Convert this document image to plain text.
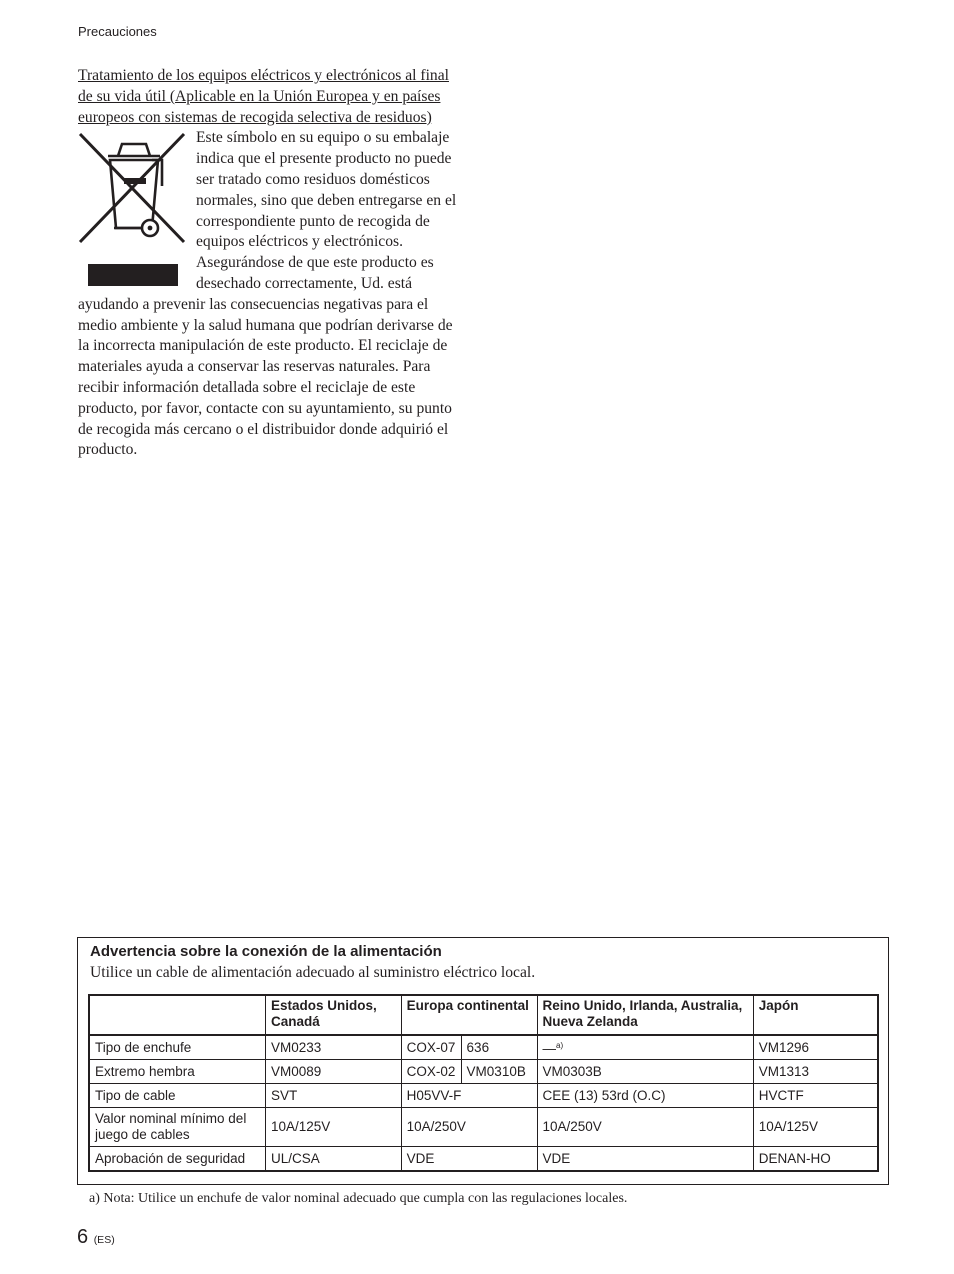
Precauciones

Tratamiento de los equipos eléctricos y electrónicos al final de su vida útil (Aplicable en la Unión Europea y en países europeos con sistemas de recogida selectiva de residuos)

Este símbolo en su equipo o su embalaje indica que el presente producto no puede ser tratado como residuos domésticos normales, sino que deben entregarse en el correspondiente punto de recogida de equipos eléctricos y electrónicos. Asegurándose de que este producto es desechado correctamente, Ud. está ayudando a prevenir las consecuencias negativas para el medio ambiente y la salud humana que podrían derivarse de la incorrecta manipulación de este producto. El reciclaje de materiales ayuda a conservar las reservas naturales. Para recibir información detallada sobre el reciclaje de este producto, por favor, contacte con su ayuntamiento, su punto de recogida más cercano o el distribuidor donde adquirió el producto.

Advertencia sobre la conexión de la alimentación
Utilice un cable de alimentación adecuado al suministro eléctrico local.
	Estados Unidos, Canadá	Europa continental		Reino Unido, Irlanda, Australia, Nueva Zelanda	Japón
Tipo de enchufe	VM0233	COX-07	636	—$^{a)}$	VM1296
Extremo hembra	VM0089	COX-02	VM0310B	VM0303B	VM1313
Tipo de cable	SVT	H05VV-F		CEE (13) 53rd (O.C)	HVCTF
Valor nominal mínimo del juego de cables	10A/125V	10A/250V		10A/250V	10A/125V
Aprobación de seguridad	UL/CSA	VDE		VDE	DENAN-HO
a) Nota: Utilice un enchufe de valor nominal adecuado que cumpla con las regulaciones locales.
6 (ES)
